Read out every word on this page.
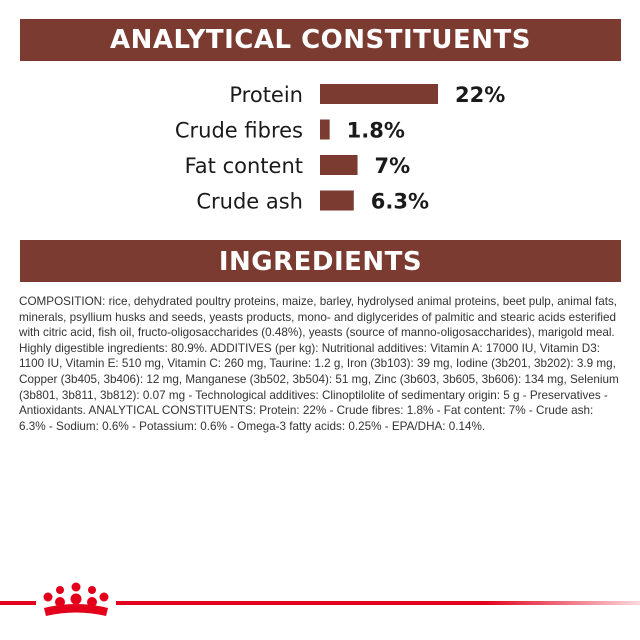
ANALYTICAL CONSTITUENTS
Protein	22%
Crude fibres 1.8%
Fat content	7%
Crude ash	6.3%
INGREDIENTS

COMPOSITION: rice, dehydrated poultry proteins, maize, barley, hydrolysed animal proteins, beet pulp, animal fats, minerals, psyllium husks and seeds, yeasts products, mono- and diglycerides of palmitic and stearic acids esterified with citric acid, fish oil, fructo-oligosaccharides (0.48%), yeasts (source of manno-oligosaccharides), marigold meal. Highly digestible ingredients: 80.9%. ADDITIVES (per kg): Nutritional additives: Vitamin A: 17000 IU, Vitamin D3: 1100 IU, Vitamin E: 510 mg, Vitamin C: 260 mg, Taurine: 1.2 g, Iron (3b103): 39 mg, Iodine (3b201, 3b202): 3.9 mg, Copper (3b405, 3b406): 12 mg, Manganese (3b502, 3b504): 51 mg, Zinc (3b603, 3b605, 3b606): 134 mg, Selenium (3b801, 3b811, 3b812): 0.07 mg - Technological additives: Clinoptilolite of sedimentary origin: 5 g - Preservatives - Antioxidants. ANALYTICAL CONSTITUENTS: Protein: 22% - Crude fibres: 1.8% - Fat content: 7% - Crude ash: 6.3% - Sodium: 0.6% - Potassium: 0.6% - Omega-3 fatty acids: 0.25% - EPA/DHA: 0.14%.
